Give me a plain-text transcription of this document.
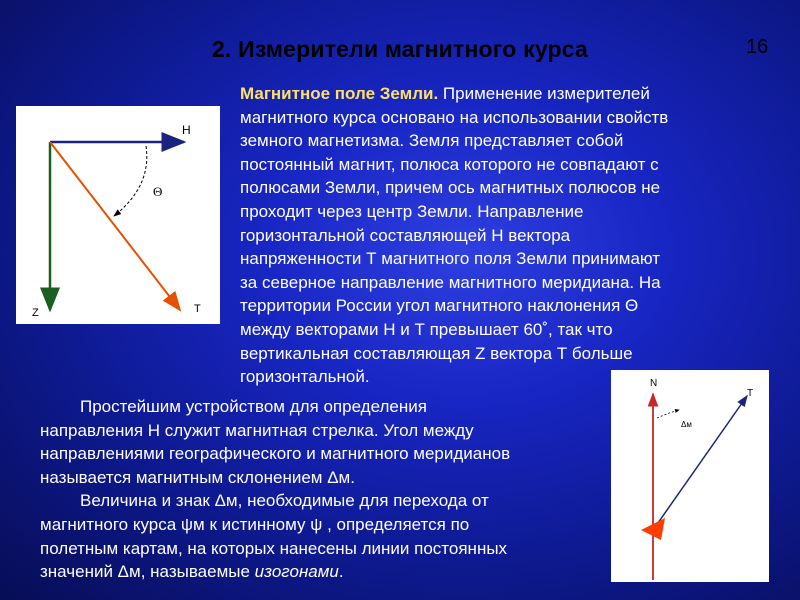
2. Измерители магнитного курса	16
Н
Θ
Z	Т
N
Т
Δм
Магнитное поле Земли. Применение измерителей
магнитного курса основано на использовании свойств
земного магнетизма. Земля представляет собой
постоянный магнит, полюса которого не совпадают с
полюсами Земли, причем ось магнитных полюсов не
проходит через центр Земли. Направление
горизонтальной составляющей Н вектора
напряженности Т магнитного поля Земли принимают
за северное направление магнитного меридиана. На
территории России угол магнитного наклонения Θ
между векторами Н и Т превышает 60˚, так что
вертикальная составляющая Z вектора Т больше
горизонтальной.
Простейшим устройством для определения
направления Н служит магнитная стрелка. Угол между
направлениями географического и магнитного меридианов
называется магнитным склонением Δм.
Величина и знак Δм, необходимые для перехода от
магнитного курса ψм к истинному ψ , определяется по
полетным картам, на которых нанесены линии постоянных
значений Δм, называемые изогонами.
